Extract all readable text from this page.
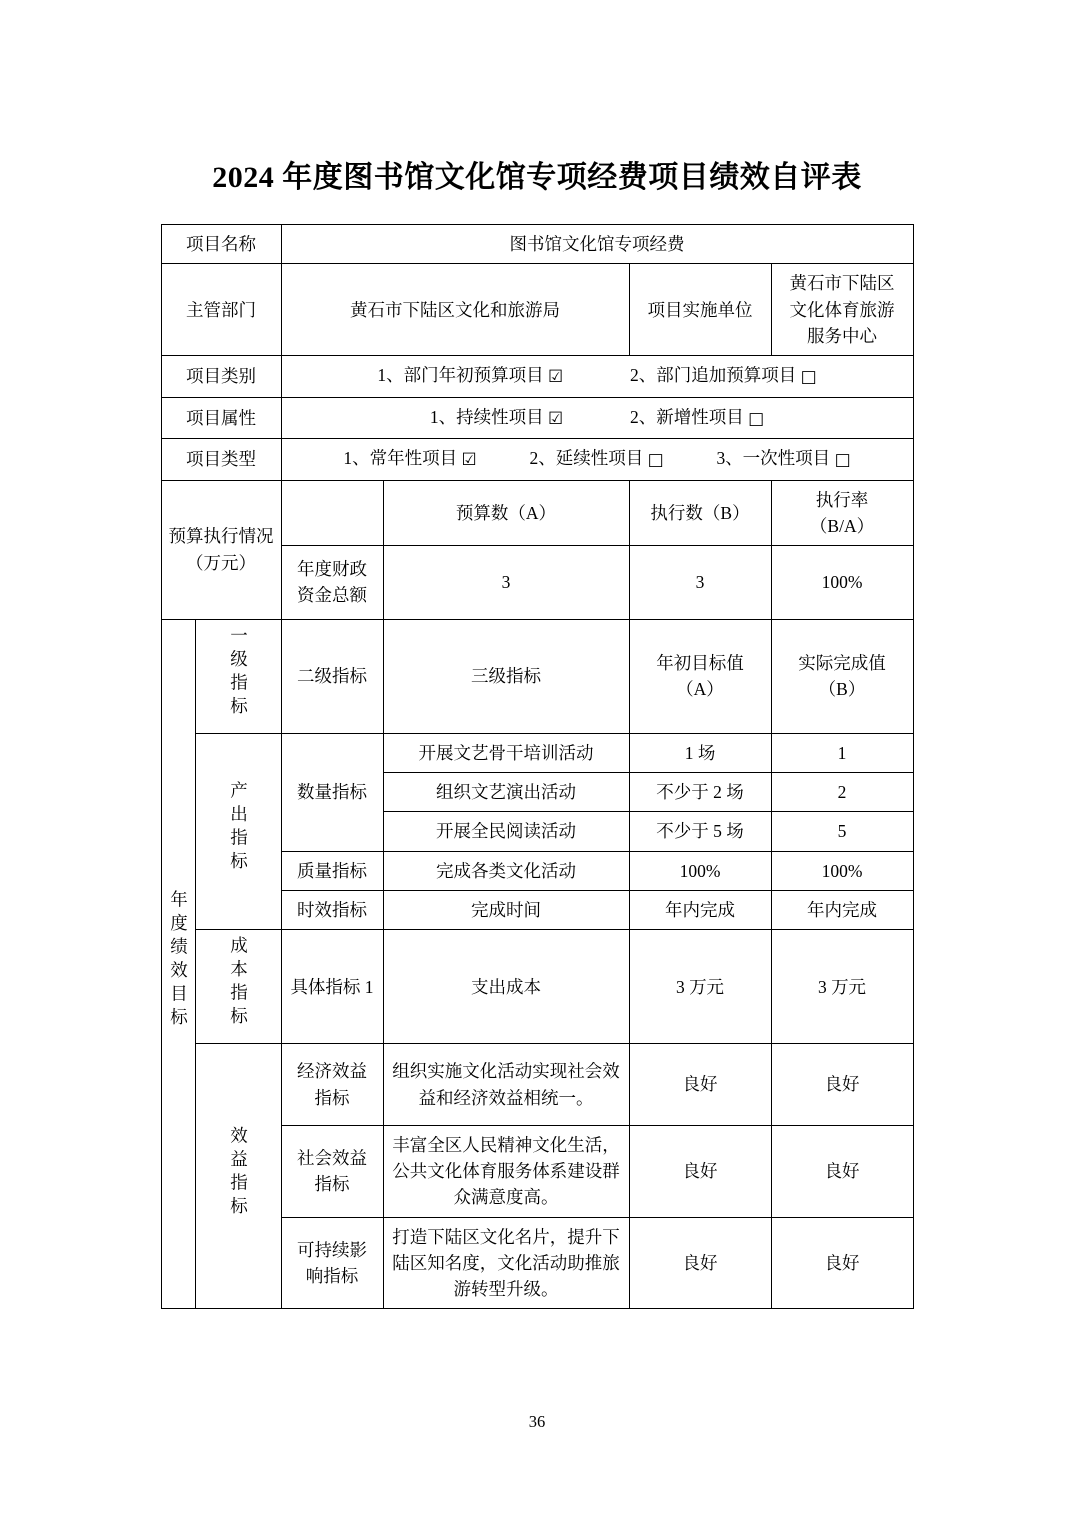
2024 年度图书馆文化馆专项经费项目绩效自评表
项目名称		图书馆文化馆专项经费			
主管部门		黄石市下陆区文化和旅游局		项目实施单位	黄石市下陆区文化体育旅游服务中心
项目类别		1、部门年初预算项目 ☑ 2、部门追加预算项目 □			
项目属性		1、持续性项目 ☑ 2、新增性项目 □			
项目类型		1、常年性项目 ☑ 2、延续性项目 □ 3、一次性项目 □			
预算执行情况（万元）			预算数（A）	执行数（B）	执行率（B/A）
		年度财政资金总额	3	3	100%
年度绩效目标	一级指标	二级指标	三级指标	年初目标值（A）	实际完成值（B）
	产出指标	数量指标	开展文艺骨干培训活动	1 场	1
			组织文艺演出活动	不少于 2 场	2
			开展全民阅读活动	不少于 5 场	5
		质量指标	完成各类文化活动	100%	100%
		时效指标	完成时间	年内完成	年内完成
	成本指标	具体指标 1	支出成本	3 万元	3 万元
	效益指标	经济效益指标	组织实施文化活动实现社会效益和经济效益相统一。	良好	良好
		社会效益指标	丰富全区人民精神文化生活，公共文化体育服务体系建设群众满意度高。	良好	良好
		可持续影响指标	打造下陆区文化名片，提升下陆区知名度，文化活动助推旅游转型升级。	良好	良好
36
